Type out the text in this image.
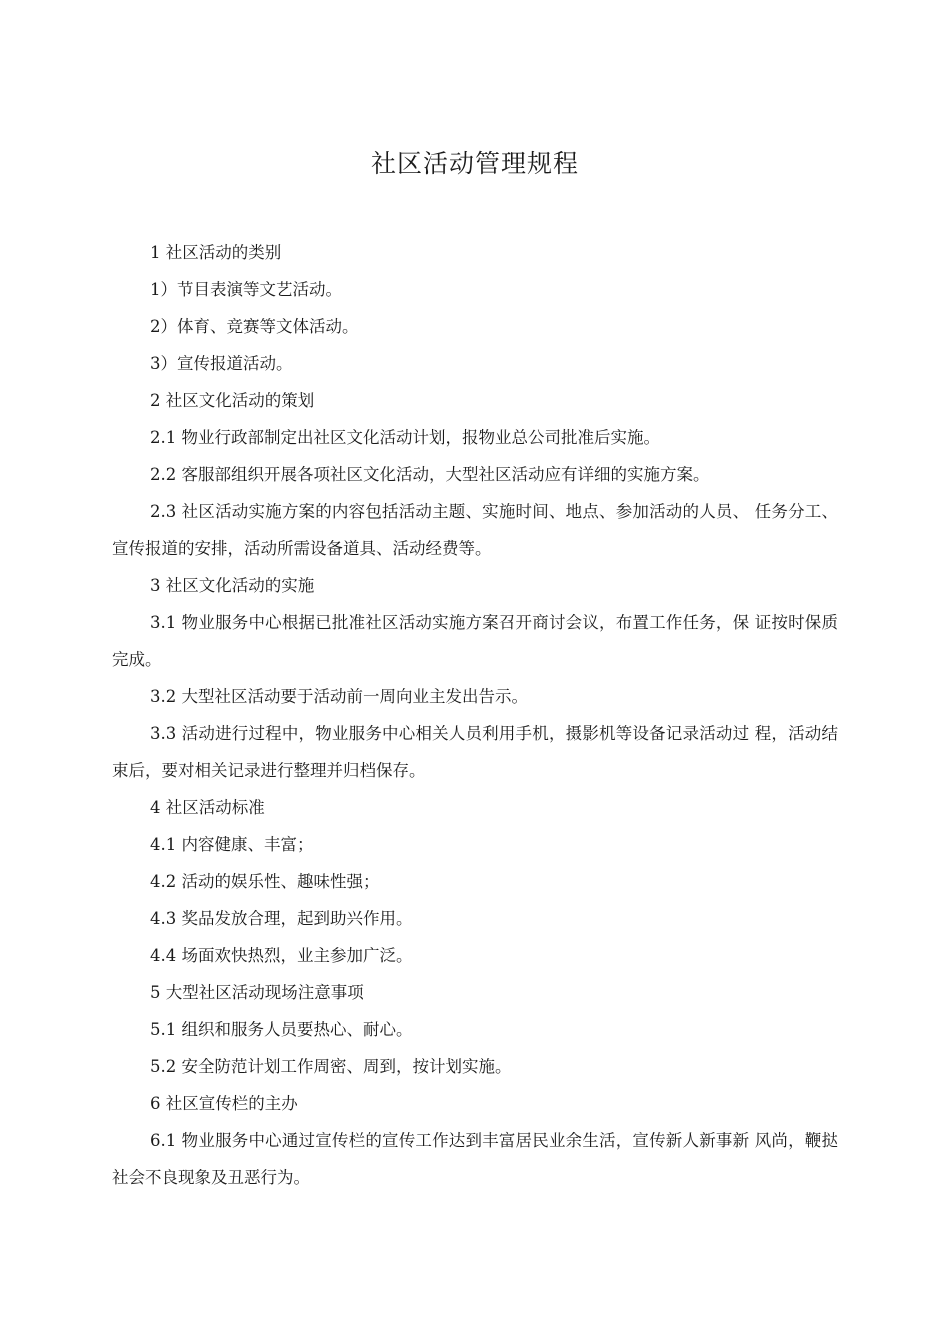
社区活动管理规程

1 社区活动的类别

1）节目表演等文艺活动。

2）体育、竞赛等文体活动。

3）宣传报道活动。

2 社区文化活动的策划

2.1 物业行政部制定出社区文化活动计划，报物业总公司批准后实施。

2.2 客服部组织开展各项社区文化活动，大型社区活动应有详细的实施方案。

2.3 社区活动实施方案的内容包括活动主题、实施时间、地点、参加活动的人员、 任务分工、宣传报道的安排，活动所需设备道具、活动经费等。

3 社区文化活动的实施

3.1 物业服务中心根据已批准社区活动实施方案召开商讨会议，布置工作任务，保 证按时保质完成。

3.2 大型社区活动要于活动前一周向业主发出告示。

3.3 活动进行过程中，物业服务中心相关人员利用手机，摄影机等设备记录活动过 程，活动结束后，要对相关记录进行整理并归档保存。

4 社区活动标准

4.1 内容健康、丰富；

4.2 活动的娱乐性、趣味性强；

4.3 奖品发放合理，起到助兴作用。

4.4 场面欢快热烈，业主参加广泛。

5 大型社区活动现场注意事项

5.1 组织和服务人员要热心、耐心。

5.2 安全防范计划工作周密、周到，按计划实施。

6 社区宣传栏的主办

6.1 物业服务中心通过宣传栏的宣传工作达到丰富居民业余生活，宣传新人新事新 风尚，鞭挞社会不良现象及丑恶行为。
